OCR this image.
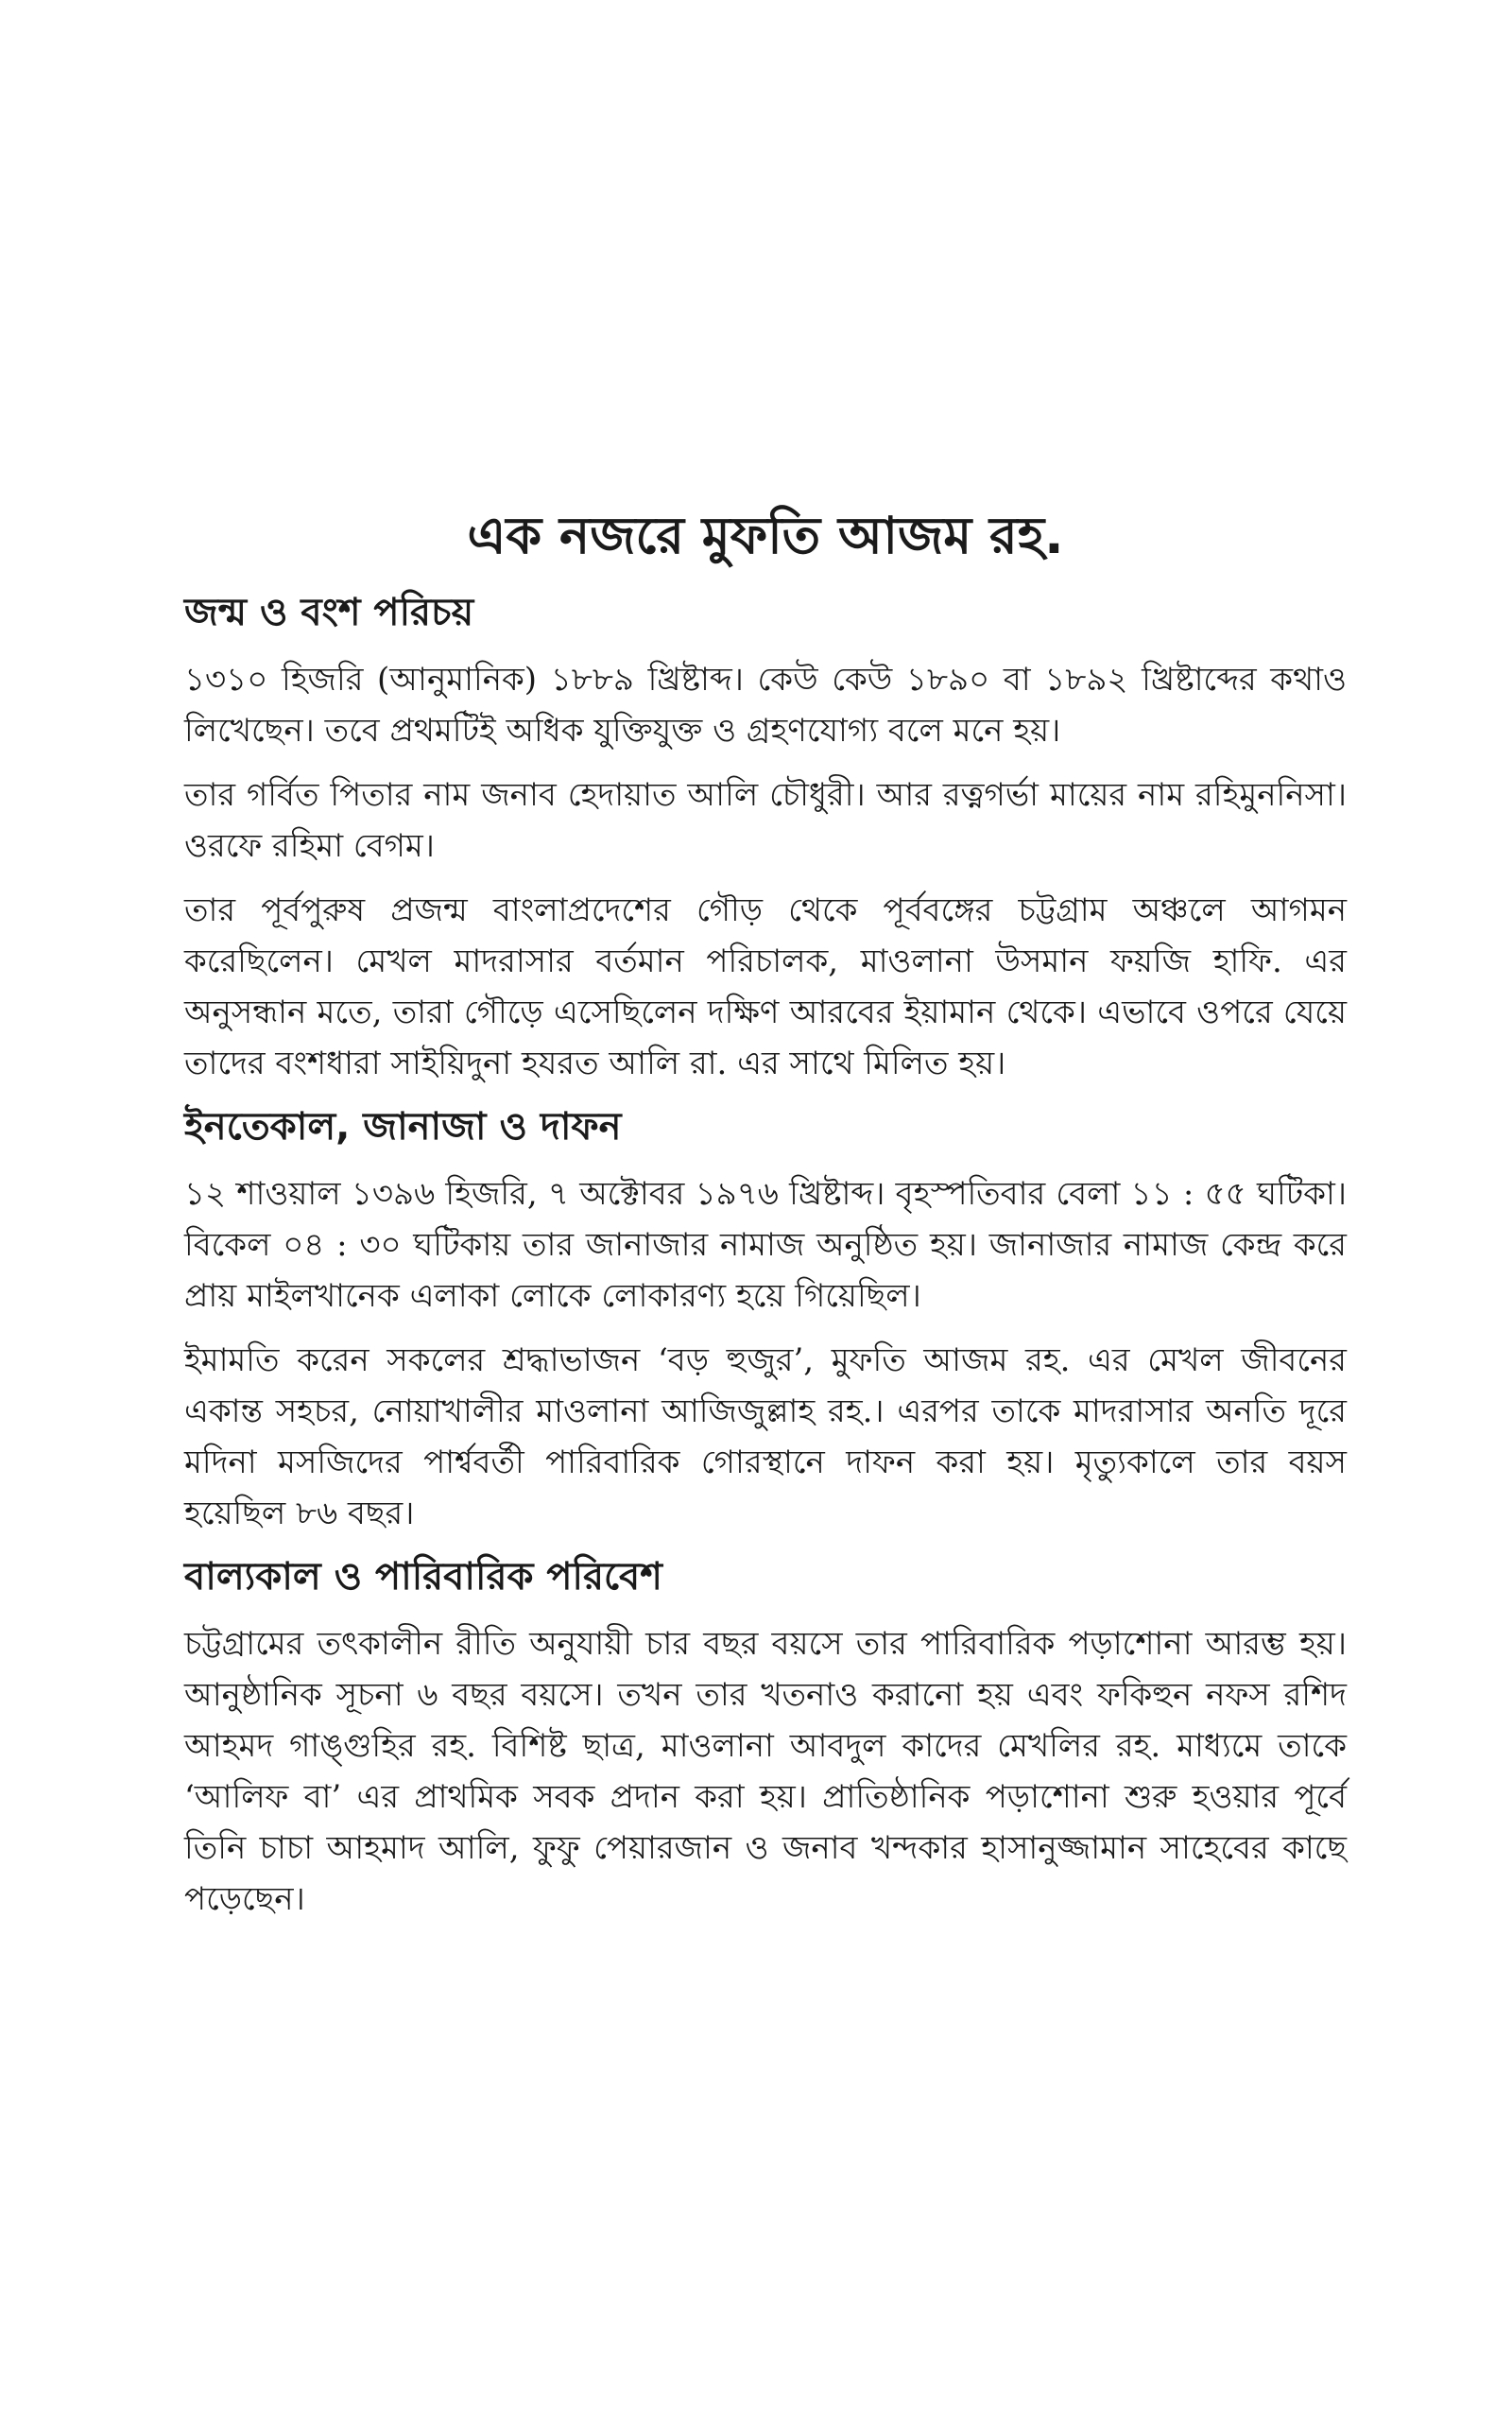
এক নজরে মুফতি আজম রহ.
জন্ম ও বংশ পরিচয়

১৩১০ হিজরি (আনুমানিক) ১৮৮৯ খ্রিষ্টাব্দ। কেউ কেউ ১৮৯০ বা ১৮৯২ খ্রিষ্টাব্দের কথাও লিখেছেন। তবে প্রথমটিই অধিক যুক্তিযুক্ত ও গ্রহণযোগ্য বলে মনে হয়।

তার গর্বিত পিতার নাম জনাব হেদায়াত আলি চৌধুরী। আর রত্নগর্ভা মায়ের নাম রহিমুননিসা। ওরফে রহিমা বেগম।

তার পূর্বপুরুষ প্রজন্ম বাংলাপ্রদেশের গৌড় থেকে পূর্ববঙ্গের চট্টগ্রাম অঞ্চলে আগমন করেছিলেন। মেখল মাদরাসার বর্তমান পরিচালক, মাওলানা উসমান ফয়জি হাফি. এর অনুসন্ধান মতে, তারা গৌড়ে এসেছিলেন দক্ষিণ আরবের ইয়ামান থেকে। এভাবে ওপরে যেয়ে তাদের বংশধারা সাইয়িদুনা হযরত আলি রা. এর সাথে মিলিত হয়।

ইনতেকাল, জানাজা ও দাফন

১২ শাওয়াল ১৩৯৬ হিজরি, ৭ অক্টোবর ১৯৭৬ খ্রিষ্টাব্দ। বৃহস্পতিবার বেলা ১১ : ৫৫ ঘটিকা। বিকেল ০৪ : ৩০ ঘটিকায় তার জানাজার নামাজ অনুষ্ঠিত হয়। জানাজার নামাজ কেন্দ্র করে প্রায় মাইলখানেক এলাকা লোকে লোকারণ্য হয়ে গিয়েছিল।

ইমামতি করেন সকলের শ্রদ্ধাভাজন ‘বড় হুজুর’, মুফতি আজম রহ. এর মেখল জীবনের একান্ত সহচর, নোয়াখালীর মাওলানা আজিজুল্লাহ রহ.। এরপর তাকে মাদরাসার অনতি দূরে মদিনা মসজিদের পার্শ্ববর্তী পারিবারিক গোরস্থানে দাফন করা হয়। মৃত্যুকালে তার বয়স হয়েছিল ৮৬ বছর।

বাল্যকাল ও পারিবারিক পরিবেশ

চট্টগ্রামের তৎকালীন রীতি অনুযায়ী চার বছর বয়সে তার পারিবারিক পড়াশোনা আরম্ভ হয়। আনুষ্ঠানিক সূচনা ৬ বছর বয়সে। তখন তার খতনাও করানো হয় এবং ফকিহুন নফস রশিদ আহমদ গাঙ্গুহির রহ. বিশিষ্ট ছাত্র, মাওলানা আবদুল কাদের মেখলির রহ. মাধ্যমে তাকে ‘আলিফ বা’ এর প্রাথমিক সবক প্রদান করা হয়। প্রাতিষ্ঠানিক পড়াশোনা শুরু হওয়ার পূর্বে তিনি চাচা আহমাদ আলি, ফুফু পেয়ারজান ও জনাব খন্দকার হাসানুজ্জামান সাহেবের কাছে পড়েছেন।
